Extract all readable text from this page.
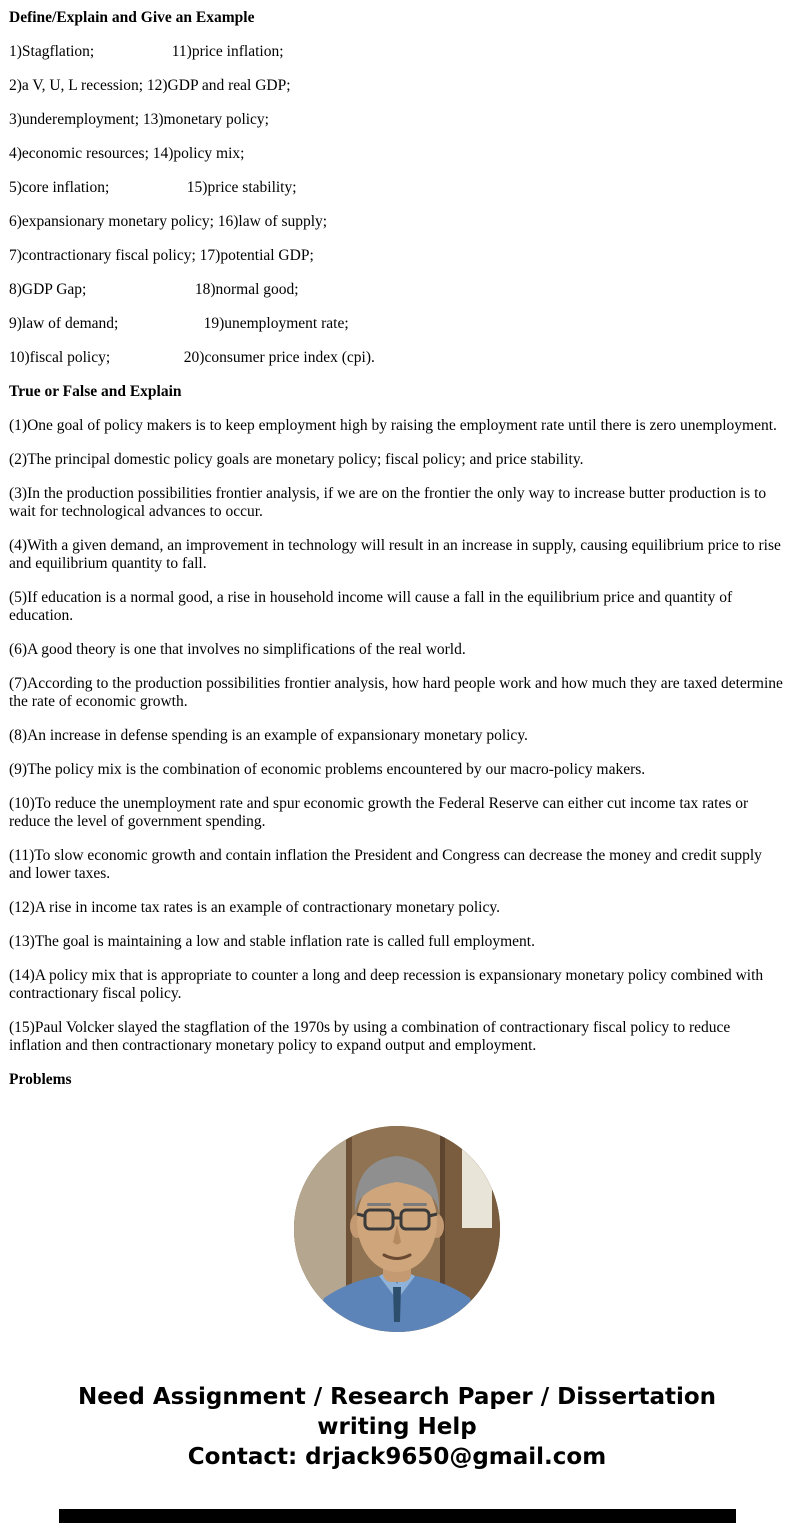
Define/Explain and Give an Example

1)Stagflation;                    11)price inflation;

2)a V, U, L recession; 12)GDP and real GDP;

3)underemployment; 13)monetary policy;

4)economic resources; 14)policy mix;

5)core inflation;                    15)price stability;

6)expansionary monetary policy; 16)law of supply;

7)contractionary fiscal policy; 17)potential GDP;

8)GDP Gap;                            18)normal good;

9)law of demand;                      19)unemployment rate;

10)fiscal policy;                   20)consumer price index (cpi).

True or False and Explain

(1)One goal of policy makers is to keep employment high by raising the employment rate until there is zero unemployment.

(2)The principal domestic policy goals are monetary policy; fiscal policy; and price stability.

(3)In the production possibilities frontier analysis, if we are on the frontier the only way to increase butter production is to wait for technological advances to occur.

(4)With a given demand, an improvement in technology will result in an increase in supply, causing equilibrium price to rise and equilibrium quantity to fall.

(5)If education is a normal good, a rise in household income will cause a fall in the equilibrium price and quantity of education.

(6)A good theory is one that involves no simplifications of the real world.

(7)According to the production possibilities frontier analysis, how hard people work and how much they are taxed determine the rate of economic growth.

(8)An increase in defense spending is an example of expansionary monetary policy.

(9)The policy mix is the combination of economic problems encountered by our macro-policy makers.

(10)To reduce the unemployment rate and spur economic growth the Federal Reserve can either cut income tax rates or reduce the level of government spending.

(11)To slow economic growth and contain inflation the President and Congress can decrease the money and credit supply and lower taxes.

(12)A rise in income tax rates is an example of contractionary monetary policy.

(13)The goal is maintaining a low and stable inflation rate is called full employment.

(14)A policy mix that is appropriate to counter a long and deep recession is expansionary monetary policy combined with contractionary fiscal policy.

(15)Paul Volcker slayed the stagflation of the 1970s by using a combination of contractionary fiscal policy to reduce inflation and then contractionary monetary policy to expand output and employment.

Problems
Need Assignment / Research Paper / Dissertation
writing Help
Contact: drjack9650@gmail.com
